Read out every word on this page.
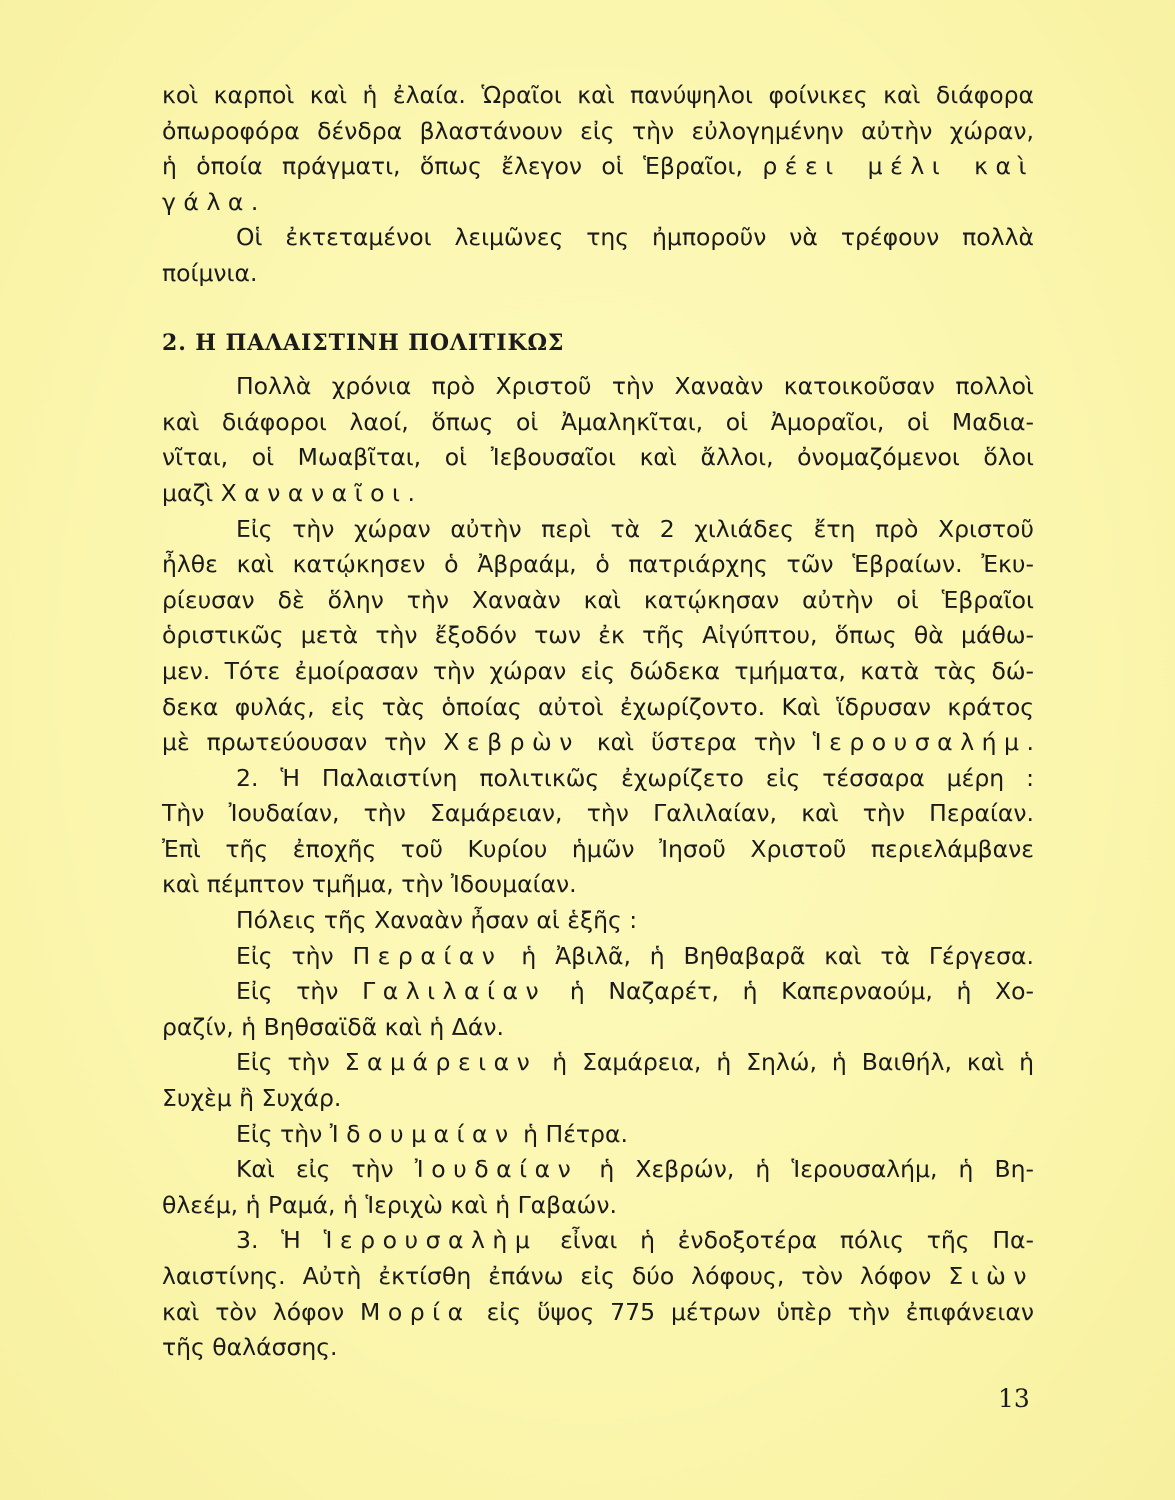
κοὶ καρποὶ καὶ ἡ ἐλαία. Ὡραῖοι καὶ πανύψηλοι φοίνικες καὶ διάφορα
ὀπωροφόρα δένδρα βλαστάνουν εἰς τὴν εὐλογημένην αὐτὴν χώραν,
ἡ ὁποία πράγματι, ὅπως ἔλεγον οἱ Ἑβραῖοι, ρέει μέλι καὶ
γάλα.
Οἱ ἐκτεταμένοι λειμῶνες της ἠμποροῦν νὰ τρέφουν πολλὰ
ποίμνια.
2. Η ΠΑΛΑΙΣΤΙΝΗ ΠΟΛΙΤΙΚΩΣ
Πολλὰ χρόνια πρὸ Χριστοῦ τὴν Χαναὰν κατοικοῦσαν πολλοὶ
καὶ διάφοροι λαοί, ὅπως οἱ Ἀμαληκῖται, οἱ Ἀμοραῖοι, οἱ Μαδια-
νῖται, οἱ Μωαβῖται, οἱ Ἰεβουσαῖοι καὶ ἄλλοι, ὀνομαζόμενοι ὅλοι
μαζὶ Χαναναῖοι.
Εἰς τὴν χώραν αὐτὴν περὶ τὰ 2 χιλιάδες ἔτη πρὸ Χριστοῦ
ἦλθε καὶ κατῴκησεν ὁ Ἀβραάμ, ὁ πατριάρχης τῶν Ἑβραίων. Ἐκυ-
ρίευσαν δὲ ὅλην τὴν Χαναὰν καὶ κατῴκησαν αὐτὴν οἱ Ἑβραῖοι
ὁριστικῶς μετὰ τὴν ἔξοδόν των ἐκ τῆς Αἰγύπτου, ὅπως θὰ μάθω-
μεν. Τότε ἐμοίρασαν τὴν χώραν εἰς δώδεκα τμήματα, κατὰ τὰς δώ-
δεκα φυλάς, εἰς τὰς ὁποίας αὐτοὶ ἐχωρίζοντο. Καὶ ἵδρυσαν κράτος
μὲ πρωτεύουσαν τὴν Χεβρὼν καὶ ὕστερα τὴν Ἱερουσαλήμ.
2. Ἡ Παλαιστίνη πολιτικῶς ἐχωρίζετο εἰς τέσσαρα μέρη :
Τὴν Ἰουδαίαν, τὴν Σαμάρειαν, τὴν Γαλιλαίαν, καὶ τὴν Περαίαν.
Ἐπὶ τῆς ἐποχῆς τοῦ Κυρίου ἡμῶν Ἰησοῦ Χριστοῦ περιελάμβανε
καὶ πέμπτον τμῆμα, τὴν Ἰδουμαίαν.
Πόλεις τῆς Χαναὰν ἦσαν αἱ ἑξῆς :
Εἰς τὴν Περαίαν ἡ Ἀβιλᾶ, ἡ Βηθαβαρᾶ καὶ τὰ Γέργεσα.
Εἰς τὴν Γαλιλαίαν ἡ Ναζαρέτ, ἡ Καπερναούμ, ἡ Χο-
ραζίν, ἡ Βηθσαϊδᾶ καὶ ἡ Δάν.
Εἰς τὴν Σαμάρειαν ἡ Σαμάρεια, ἡ Σηλώ, ἡ Βαιθήλ, καὶ ἡ
Συχὲμ ἢ Συχάρ.
Εἰς τὴν Ἰδουμαίαν ἡ Πέτρα.
Καὶ εἰς τὴν Ἰουδαίαν ἡ Χεβρών, ἡ Ἱερουσαλήμ, ἡ Βη-
θλεέμ, ἡ Ραμά, ἡ Ἱεριχὼ καὶ ἡ Γαβαών.
3. Ἡ Ἱερουσαλὴμ εἶναι ἡ ἐνδοξοτέρα πόλις τῆς Πα-
λαιστίνης. Αὐτὴ ἐκτίσθη ἐπάνω εἰς δύο λόφους, τὸν λόφον Σιὼν
καὶ τὸν λόφον Μορία εἰς ὕψος 775 μέτρων ὑπὲρ τὴν ἐπιφάνειαν
τῆς θαλάσσης.
13
